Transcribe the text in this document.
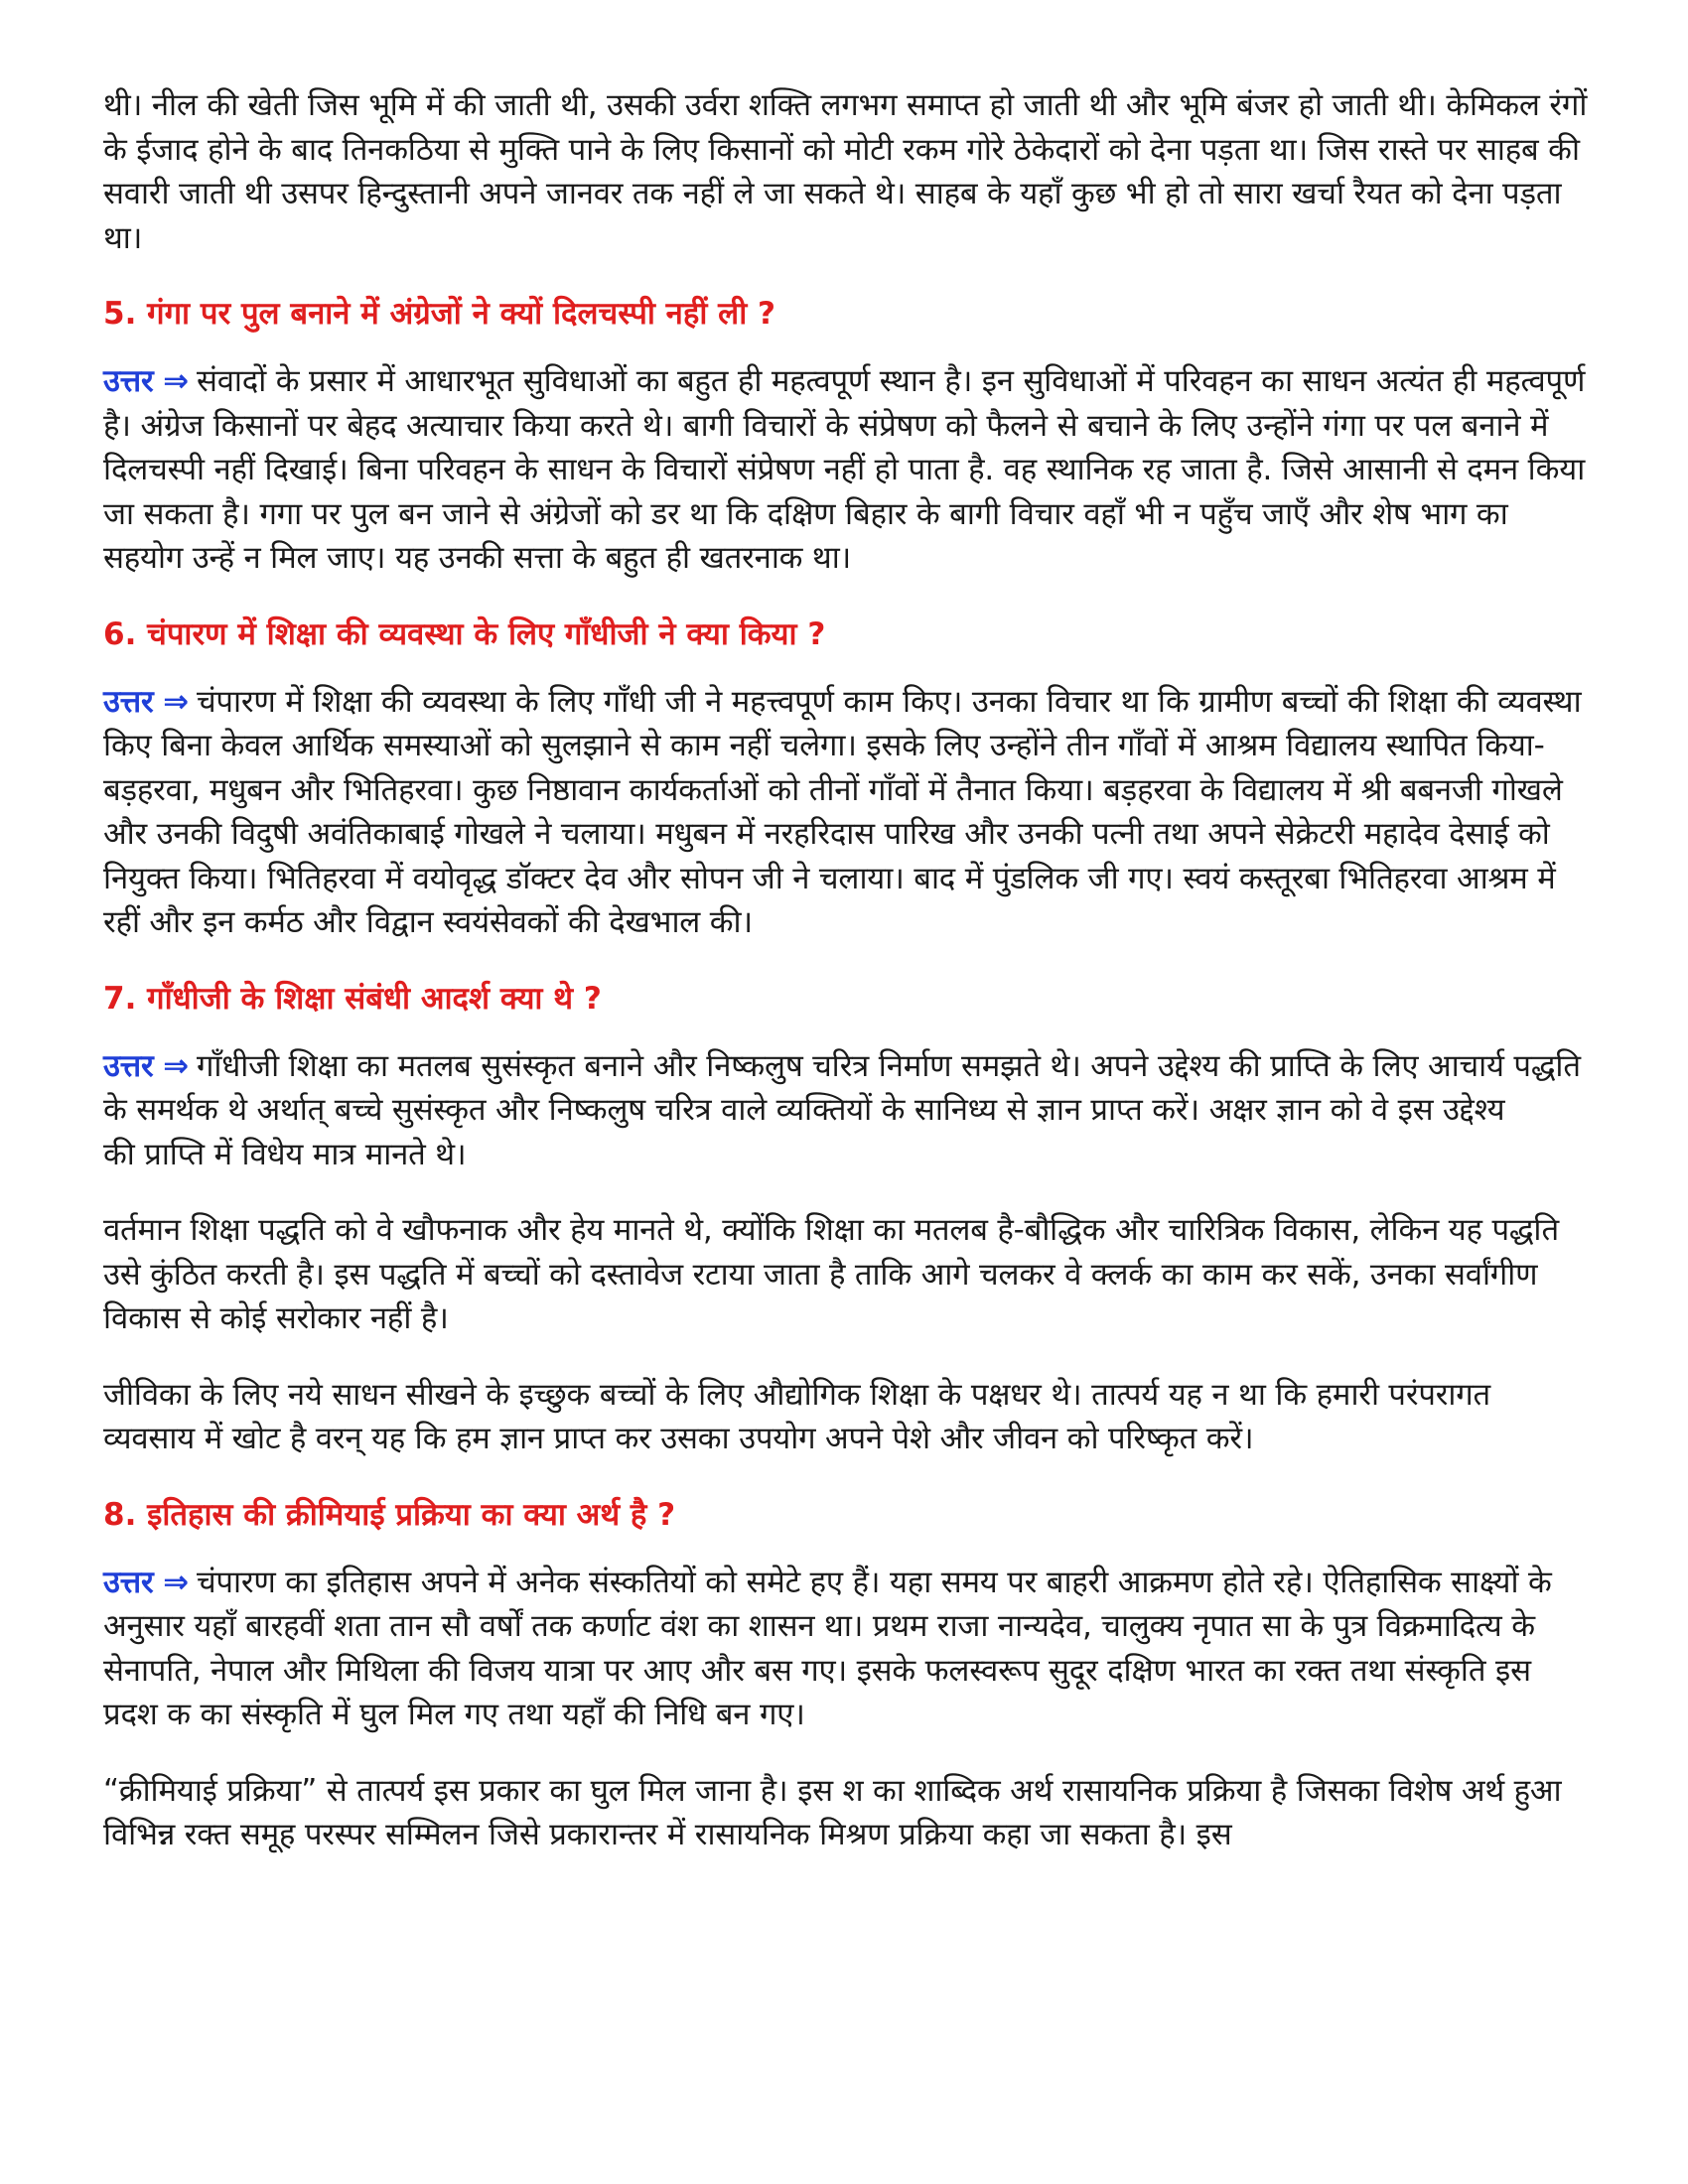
थी। नील की खेती जिस भूमि में की जाती थी, उसकी उर्वरा शक्ति लगभग समाप्त हो जाती थी और भूमि बंजर हो जाती थी। केमिकल रंगों के ईजाद होने के बाद तिनकठिया से मुक्ति पाने के लिए किसानों को मोटी रकम गोरे ठेकेदारों को देना पड़ता था। जिस रास्ते पर साहब की सवारी जाती थी उसपर हिन्दुस्तानी अपने जानवर तक नहीं ले जा सकते थे। साहब के यहाँ कुछ भी हो तो सारा खर्चा रैयत को देना पड़ता था।

5. गंगा पर पुल बनाने में अंग्रेजों ने क्यों दिलचस्पी नहीं ली ?

उत्तर ⇒ संवादों के प्रसार में आधारभूत सुविधाओं का बहुत ही महत्वपूर्ण स्थान है। इन सुविधाओं में परिवहन का साधन अत्यंत ही महत्वपूर्ण है। अंग्रेज किसानों पर बेहद अत्याचार किया करते थे। बागी विचारों के संप्रेषण को फैलने से बचाने के लिए उन्होंने गंगा पर पल बनाने में दिलचस्पी नहीं दिखाई। बिना परिवहन के साधन के विचारों संप्रेषण नहीं हो पाता है. वह स्थानिक रह जाता है. जिसे आसानी से दमन किया जा सकता है। गगा पर पुल बन जाने से अंग्रेजों को डर था कि दक्षिण बिहार के बागी विचार वहाँ भी न पहुँच जाएँ और शेष भाग का सहयोग उन्हें न मिल जाए। यह उनकी सत्ता के बहुत ही खतरनाक था।

6. चंपारण में शिक्षा की व्यवस्था के लिए गाँधीजी ने क्या किया ?

उत्तर ⇒ चंपारण में शिक्षा की व्यवस्था के लिए गाँधी जी ने महत्त्वपूर्ण काम किए। उनका विचार था कि ग्रामीण बच्चों की शिक्षा की व्यवस्था किए बिना केवल आर्थिक समस्याओं को सुलझाने से काम नहीं चलेगा। इसके लिए उन्होंने तीन गाँवों में आश्रम विद्यालय स्थापित किया-बड़हरवा, मधुबन और भितिहरवा। कुछ निष्ठावान कार्यकर्ताओं को तीनों गाँवों में तैनात किया। बड़हरवा के विद्यालय में श्री बबनजी गोखले और उनकी विदुषी अवंतिकाबाई गोखले ने चलाया। मधुबन में नरहरिदास पारिख और उनकी पत्नी तथा अपने सेक्रेटरी महादेव देसाई को नियुक्त किया। भितिहरवा में वयोवृद्ध डॉक्टर देव और सोपन जी ने चलाया। बाद में पुंडलिक जी गए। स्वयं कस्तूरबा भितिहरवा आश्रम में रहीं और इन कर्मठ और विद्वान स्वयंसेवकों की देखभाल की।

7. गाँधीजी के शिक्षा संबंधी आदर्श क्या थे ?

उत्तर ⇒ गाँधीजी शिक्षा का मतलब सुसंस्कृत बनाने और निष्कलुष चरित्र निर्माण समझते थे। अपने उद्देश्य की प्राप्ति के लिए आचार्य पद्धति के समर्थक थे अर्थात् बच्चे सुसंस्कृत और निष्कलुष चरित्र वाले व्यक्तियों के सानिध्य से ज्ञान प्राप्त करें। अक्षर ज्ञान को वे इस उद्देश्य
की प्राप्ति में विधेय मात्र मानते थे।

वर्तमान शिक्षा पद्धति को वे खौफनाक और हेय मानते थे, क्योंकि शिक्षा का मतलब है-बौद्धिक और चारित्रिक विकास, लेकिन यह पद्धति उसे कुंठित करती है। इस पद्धति में बच्चों को दस्तावेज रटाया जाता है ताकि आगे चलकर वे क्लर्क का काम कर सकें, उनका सर्वांगीण विकास से कोई सरोकार नहीं है।

जीविका के लिए नये साधन सीखने के इच्छुक बच्चों के लिए औद्योगिक शिक्षा के पक्षधर थे। तात्पर्य यह न था कि हमारी परंपरागत व्यवसाय में खोट है वरन् यह कि हम ज्ञान प्राप्त कर उसका उपयोग अपने पेशे और जीवन को परिष्कृत करें।

8. इतिहास की क्रीमियाई प्रक्रिया का क्या अर्थ है ?

उत्तर ⇒ चंपारण का इतिहास अपने में अनेक संस्कतियों को समेटे हए हैं। यहा समय पर बाहरी आक्रमण होते रहे। ऐतिहासिक साक्ष्यों के अनुसार यहाँ बारहवीं शता तान सौ वर्षों तक कर्णाट वंश का शासन था। प्रथम राजा नान्यदेव, चालुक्य नृपात सा के पुत्र विक्रमादित्य के सेनापति, नेपाल और मिथिला की विजय यात्रा पर आए और बस गए। इसके फलस्वरूप सुदूर दक्षिण भारत का रक्त तथा संस्कृति इस प्रदश क का संस्कृति में घुल मिल गए तथा यहाँ की निधि बन गए।

“क्रीमियाई प्रक्रिया” से तात्पर्य इस प्रकार का घुल मिल जाना है। इस श का शाब्दिक अर्थ रासायनिक प्रक्रिया है जिसका विशेष अर्थ हुआ विभिन्न रक्त समूह परस्पर सम्मिलन जिसे प्रकारान्तर में रासायनिक मिश्रण प्रक्रिया कहा जा सकता है। इस
